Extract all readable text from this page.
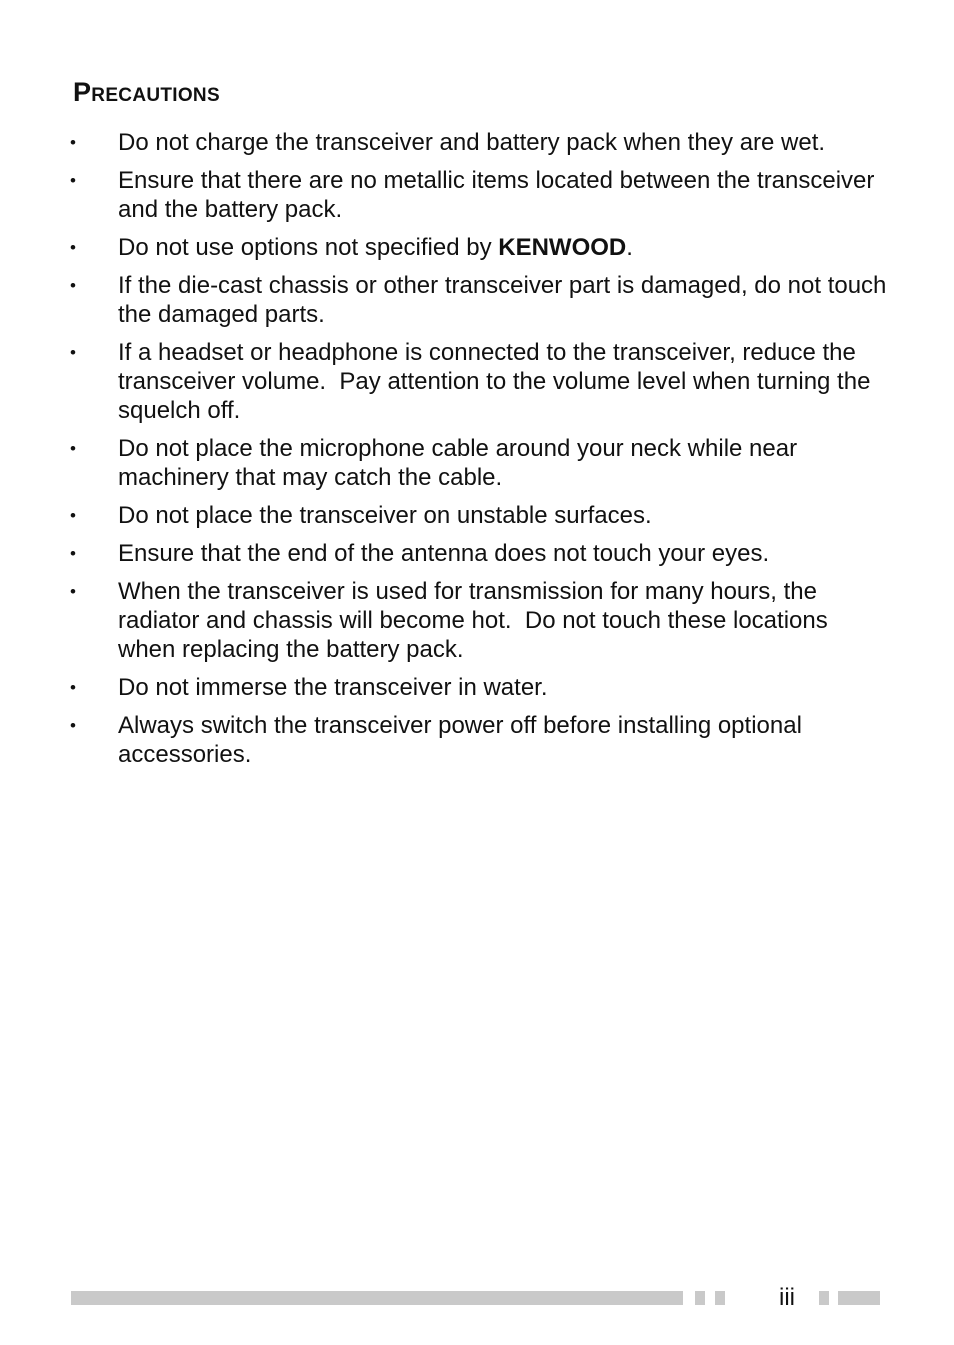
Precautions
• Do not charge the transceiver and battery pack when they are wet.
• Ensure that there are no metallic items located between the transceiver and the battery pack.
• Do not use options not specified by KENWOOD.
• If the die-cast chassis or other transceiver part is damaged, do not touch the damaged parts.
• If a headset or headphone is connected to the transceiver, reduce the transceiver volume.  Pay attention to the volume level when turning the squelch off.
• Do not place the microphone cable around your neck while near machinery that may catch the cable.
• Do not place the transceiver on unstable surfaces.
• Ensure that the end of the antenna does not touch your eyes.
• When the transceiver is used for transmission for many hours, the radiator and chassis will become hot.  Do not touch these locations when replacing the battery pack.
• Do not immerse the transceiver in water.
• Always switch the transceiver power off before installing optional accessories.
iii
